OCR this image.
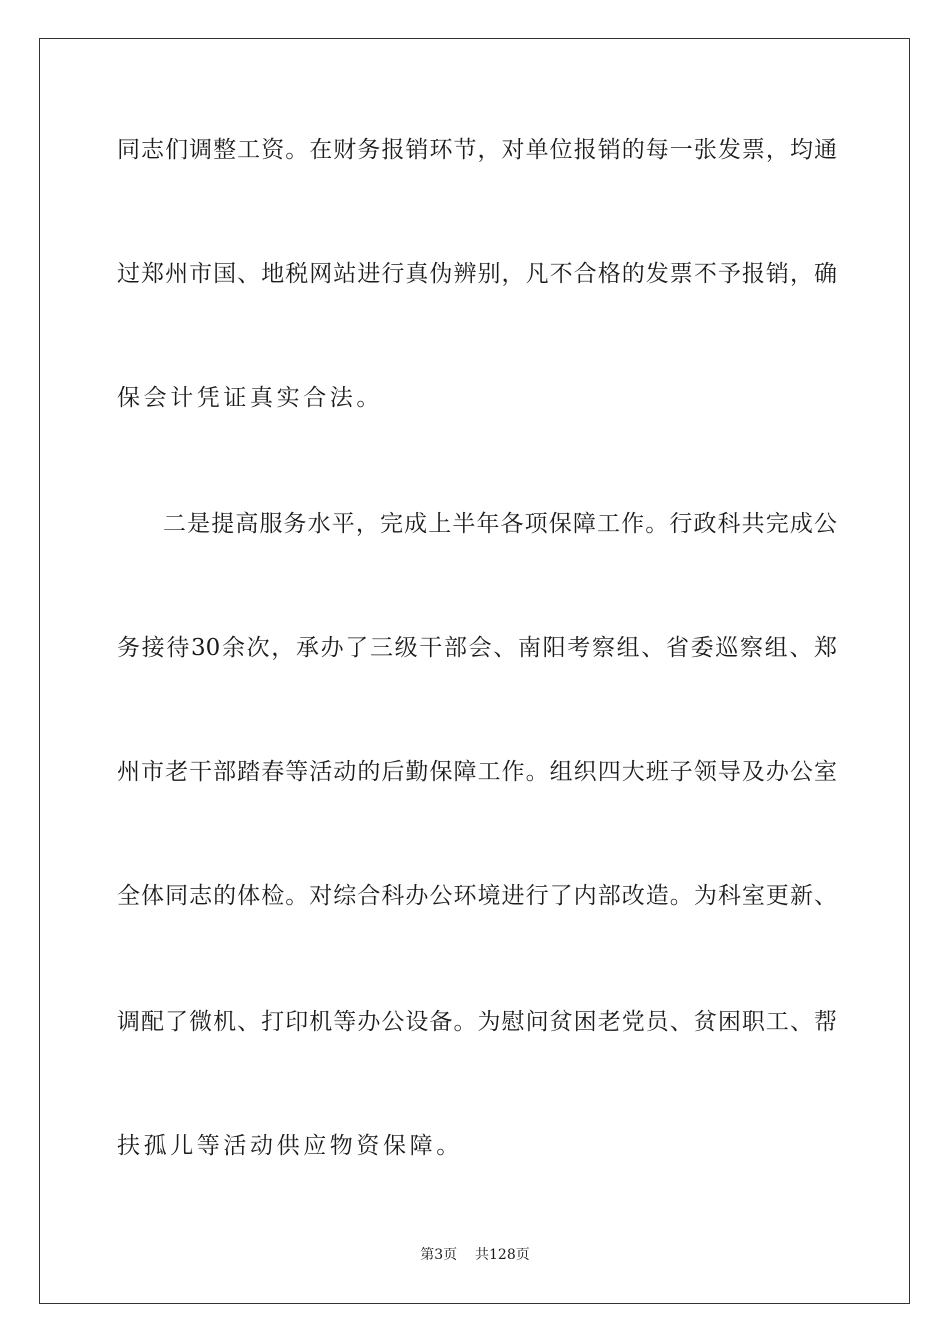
同志们调整工资。在财务报销环节，对单位报销的每一张发票，均通
过郑州市国、地税网站进行真伪辨别，凡不合格的发票不予报销，确
保会计凭证真实合法。
二是提高服务水平，完成上半年各项保障工作。行政科共完成公
务接待30余次，承办了三级干部会、南阳考察组、省委巡察组、郑
州市老干部踏春等活动的后勤保障工作。组织四大班子领导及办公室
全体同志的体检。对综合科办公环境进行了内部改造。为科室更新、
调配了微机、打印机等办公设备。为慰问贫困老党员、贫困职工、帮
扶孤儿等活动供应物资保障。
第3页 共128页
